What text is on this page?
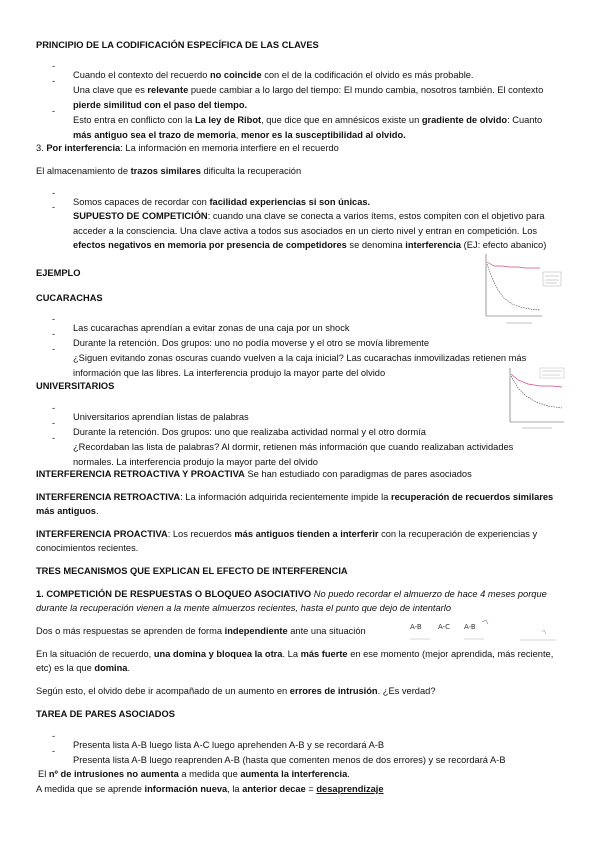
PRINCIPIO DE LA CODIFICACIÓN ESPECÍFICA DE LAS CLAVES

-

Cuando el contexto del recuerdo no coincide con el de la codificación el olvido es más probable.

-

Una clave que es relevante puede cambiar a lo largo del tiempo: El mundo cambia, nosotros también. El contexto pierde similitud con el paso del tiempo.

-

Esto entra en conflicto con la La ley de Ribot, que dice que en amnésicos existe un gradiente de olvido: Cuanto más antiguo sea el trazo de memoria, menor es la susceptibilidad al olvido.

3. Por interferencia: La información en memoria interfiere en el recuerdo

El almacenamiento de trazos similares dificulta la recuperación

-

Somos capaces de recordar con facilidad experiencias si son únicas.

-

SUPUESTO DE COMPETICIÓN: cuando una clave se conecta a varios ítems, estos compiten con el objetivo para acceder a la consciencia. Una clave activa a todos sus asociados en un cierto nivel y entran en competición. Los efectos negativos en memoria por presencia de competidores se denomina interferencia (EJ: efecto abanico)

EJEMPLO

CUCARACHAS

-

Las cucarachas aprendían a evitar zonas de una caja por un shock

-

Durante la retención. Dos grupos: uno no podía moverse y el otro se movía libremente

-

¿Siguen evitando zonas oscuras cuando vuelven a la caja inicial? Las cucarachas inmovilizadas retienen más información que las libres. La interferencia produjo la mayor parte del olvido

UNIVERSITARIOS

-

Universitarios aprendían listas de palabras

-

Durante la retención. Dos grupos: uno que realizaba actividad normal y el otro dormía

-

¿Recordaban las lista de palabras? Al dormir, retienen más información que cuando realizaban actividades normales. La interferencia produjo la mayor parte del olvido

INTERFERENCIA RETROACTIVA Y PROACTIVA Se han estudiado con paradigmas de pares asociados

INTERFERENCIA RETROACTIVA: La información adquirida recientemente impide la recuperación de recuerdos similares más antiguos.

INTERFERENCIA PROACTIVA: Los recuerdos más antiguos tienden a interferir con la recuperación de experiencias y conocimientos recientes.

TRES MECANISMOS QUE EXPLICAN EL EFECTO DE INTERFERENCIA

1. COMPETICIÓN DE RESPUESTAS O BLOQUEO ASOCIATIVO No puedo recordar el almuerzo de hace 4 meses porque durante la recuperación vienen a la mente almuerzos recientes, hasta el punto que dejo de intentarlo

Dos o más respuestas se aprenden de forma independiente ante una situación

En la situación de recuerdo, una domina y bloquea la otra. La más fuerte en ese momento (mejor aprendida, más reciente, etc) es la que domina.

Según esto, el olvido debe ir acompañado de un aumento en errores de intrusión. ¿Es verdad?

TAREA DE PARES ASOCIADOS

-

Presenta lista A-B luego lista A-C luego aprehenden A-B y se recordará A-B

-

Presenta lista A-B luego reaprenden A-B (hasta que comenten menos de dos errores) y se recordará A-B

El nº de intrusiones no aumenta a medida que aumenta la interferencia.

A medida que se aprende información nueva, la anterior decae = desaprendizaje

A-B A-C A-B
